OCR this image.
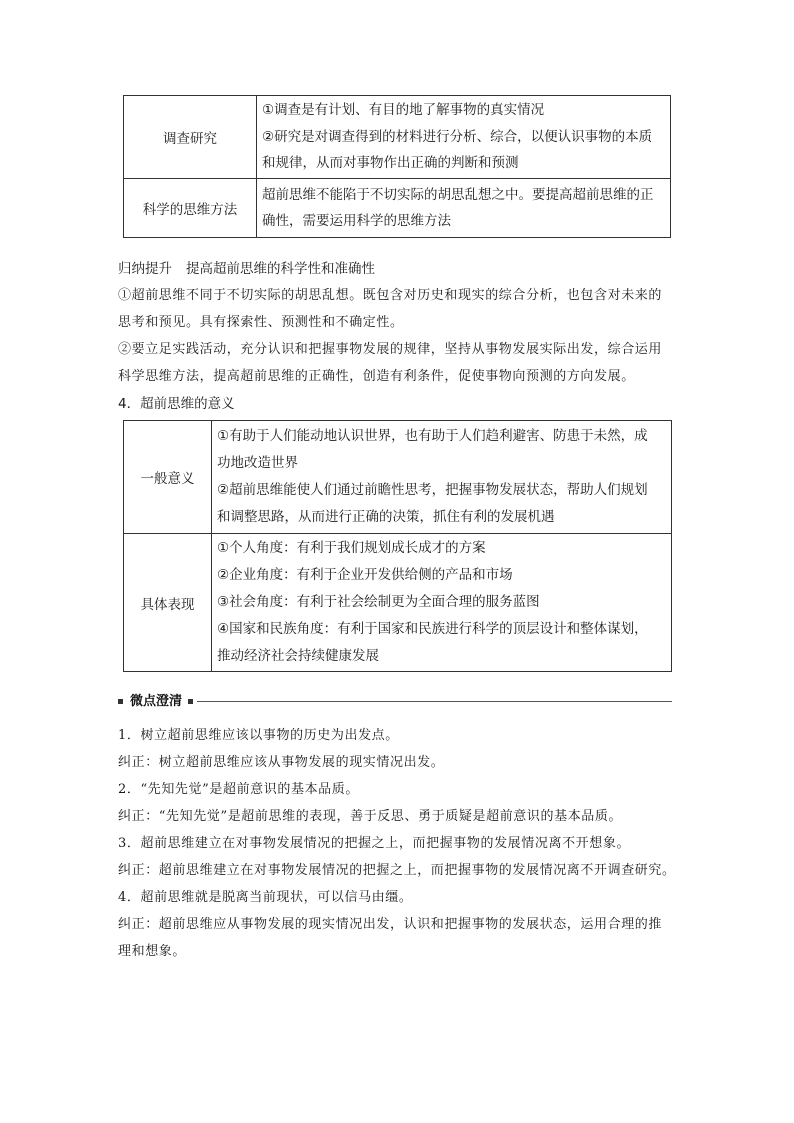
调查研究	①调查是有计划、有目的地了解事物的真实情况
②研究是对调查得到的材料进行分析、综合，以便认识事物的本质
和规律，从而对事物作出正确的判断和预测

科学的思维方法	超前思维不能陷于不切实际的胡思乱想之中。要提高超前思维的正
确性，需要运用科学的思维方法
归纳提升 提高超前思维的科学性和准确性
①超前思维不同于不切实际的胡思乱想。既包含对历史和现实的综合分析，也包含对未来的
思考和预见。具有探索性、预测性和不确定性。
②要立足实践活动，充分认识和把握事物发展的规律，坚持从事物发展实际出发，综合运用
科学思维方法，提高超前思维的正确性，创造有利条件，促使事物向预测的方向发展。
4．超前思维的意义
一般意义	①有助于人们能动地认识世界，也有助于人们趋利避害、防患于未然，成
功地改造世界
②超前思维能使人们通过前瞻性思考，把握事物发展状态，帮助人们规划
和调整思路，从而进行正确的决策，抓住有利的发展机遇

具体表现	①个人角度：有利于我们规划成长成才的方案
②企业角度：有利于企业开发供给侧的产品和市场
③社会角度：有利于社会绘制更为全面合理的服务蓝图
④国家和民族角度：有利于国家和民族进行科学的顶层设计和整体谋划，
推动经济社会持续健康发展
微点澄清
1．树立超前思维应该以事物的历史为出发点。
纠正：树立超前思维应该从事物发展的现实情况出发。
2．“先知先觉”是超前意识的基本品质。
纠正：“先知先觉”是超前思维的表现，善于反思、勇于质疑是超前意识的基本品质。
3．超前思维建立在对事物发展情况的把握之上，而把握事物的发展情况离不开想象。
纠正：超前思维建立在对事物发展情况的把握之上，而把握事物的发展情况离不开调查研究。
4．超前思维就是脱离当前现状，可以信马由缰。
纠正：超前思维应从事物发展的现实情况出发，认识和把握事物的发展状态，运用合理的推
理和想象。
